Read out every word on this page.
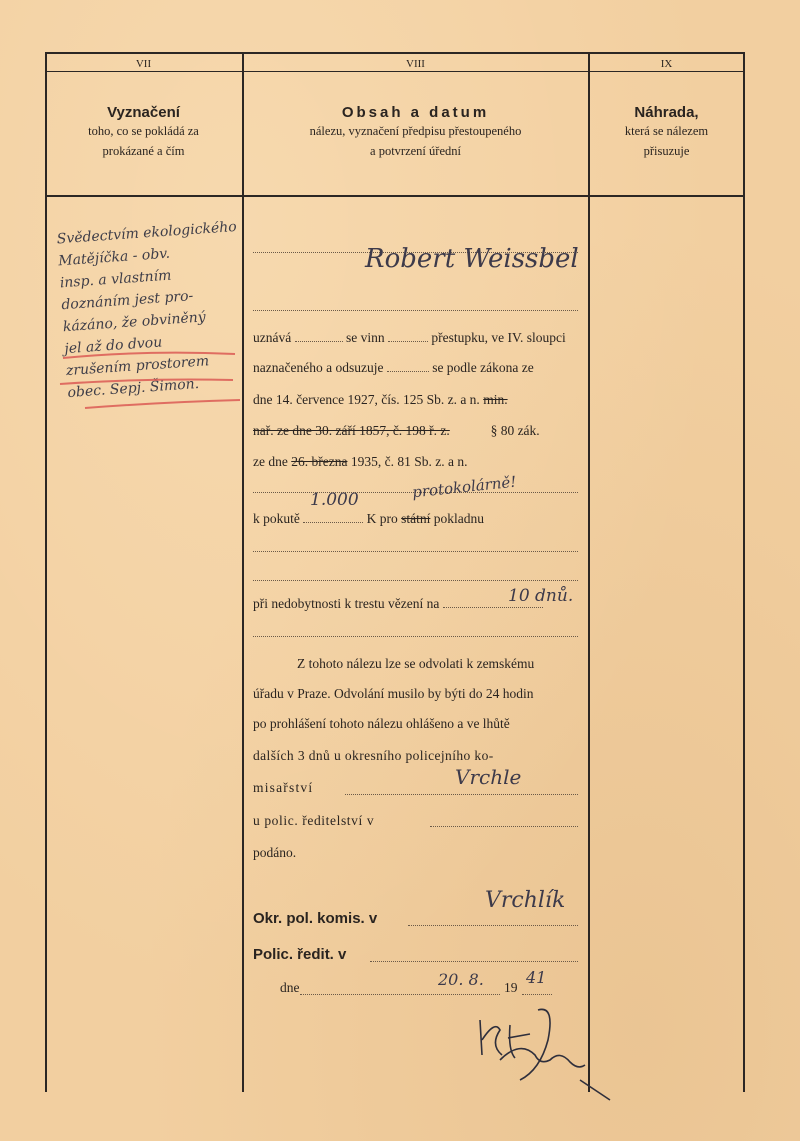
VII	VIII	IX
Vyznačení
toho, co se pokládá za
prokázané a čím
Obsah a datum
nálezu, vyznačení předpisu přestoupeného
a potvrzení úřední
Náhrada,
která se nálezem
přisuzuje
Svědectvím ekologického
Matějíčka - obv.
insp. a vlastním
doznáním jest pro-
kázáno, že obviněný
jel až do dvou
zrušením prostorem
obec. Sepj. Šimon.
Robert Weissbel
uznává	se vinn	přestupku, ve IV. sloupci
naznačeného a odsuzuje	se podle zákona ze
dne 14. července 1927, čís. 125 Sb. z. a n. min.
nař. ze dne 30. září 1857, č. 198 ř. z.	§ 80 zák.
ze dne 26. března 1935, č. 81 Sb. z. a n.
1.000	protokolárně!
k pokutě	K pro státní pokladnu
při nedobytnosti k trestu vězení na	10 dnů.
Z tohoto nálezu lze se odvolati k zemskému
úřadu v Praze. Odvolání musilo by býti do 24 hodin
po prohlášení tohoto nálezu ohlášeno a ve lhůtě
dalších 3 dnů u okresního policejního ko-
misařství	Vrchle
u polic. ředitelství v
podáno.
Okr. pol. komis. v
Vrchlík
Polic. ředit. v
dne	20. 8. 19
41
